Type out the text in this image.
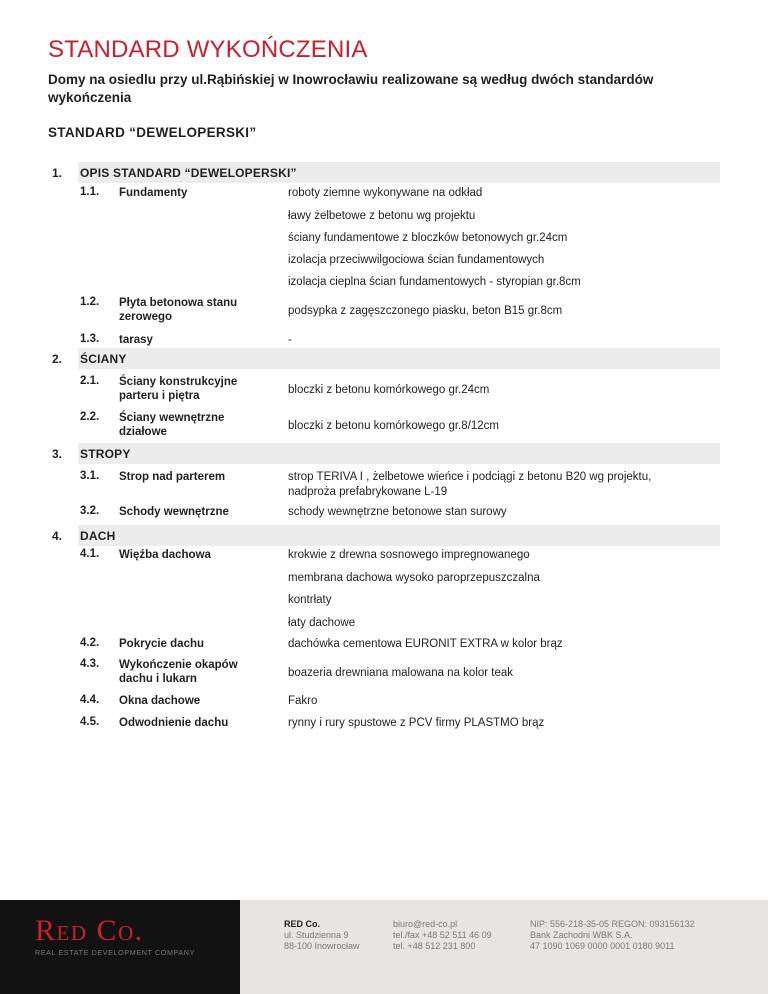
STANDARD WYKOŃCZENIA
Domy na osiedlu przy ul.Rąbińskiej w Inowrocławiu realizowane są według dwóch standardów wykończenia
STANDARD “DEWELOPERSKI”
1. OPIS STANDARD “DEWELOPERSKI”
1.1. Fundamenty	roboty ziemne wykonywane na odkład
ławy żelbetowe z betonu wg projektu
ściany fundamentowe z bloczków betonowych gr.24cm
izolacja przeciwwilgociowa ścian fundamentowych
izolacja cieplna ścian fundamentowych - styropian gr.8cm
1.2. Płyta betonowa stanu zerowego	podsypka z zagęszczonego piasku, beton B15 gr.8cm
1.3. tarasy	-
2. ŚCIANY
2.1. Ściany konstrukcyjne parteru i piętra	bloczki z betonu komórkowego gr.24cm
2.2. Ściany wewnętrzne działowe	bloczki z betonu komórkowego gr.8/12cm
3. STROPY
3.1. Strop nad parterem	strop TERIVA I , żelbetowe wieńce i podciągi z betonu B20 wg projektu,
nadproża prefabrykowane L-19
3.2. Schody wewnętrzne	schody wewnętrzne betonowe stan surowy
4. DACH
4.1. Więźba dachowa	krokwie z drewna sosnowego impregnowanego
membrana dachowa wysoko paroprzepuszczalna
kontrłaty
łaty dachowe
4.2. Pokrycie dachu	dachówka cementowa EURONIT EXTRA w kolor brąz
4.3. Wykończenie okapów dachu i lukarn	boazeria drewniana malowana na kolor teak
4.4. Okna dachowe	Fakro
4.5. Odwodnienie dachu	rynny i rury spustowe z PCV firmy PLASTMO brąz
Red Co.
REAL ESTATE DEVELOPMENT COMPANY
RED Co.
ul. Studzienna 9
88-100 Inowrocław
biuro@red-co.pl
tel./fax +48 52 511 46 09
tel. +48 512 231 800
NIP: 556-218-35-05 REGON: 093156132
Bank Zachodni WBK S.A.
47 1090 1069 0000 0001 0180 9011
